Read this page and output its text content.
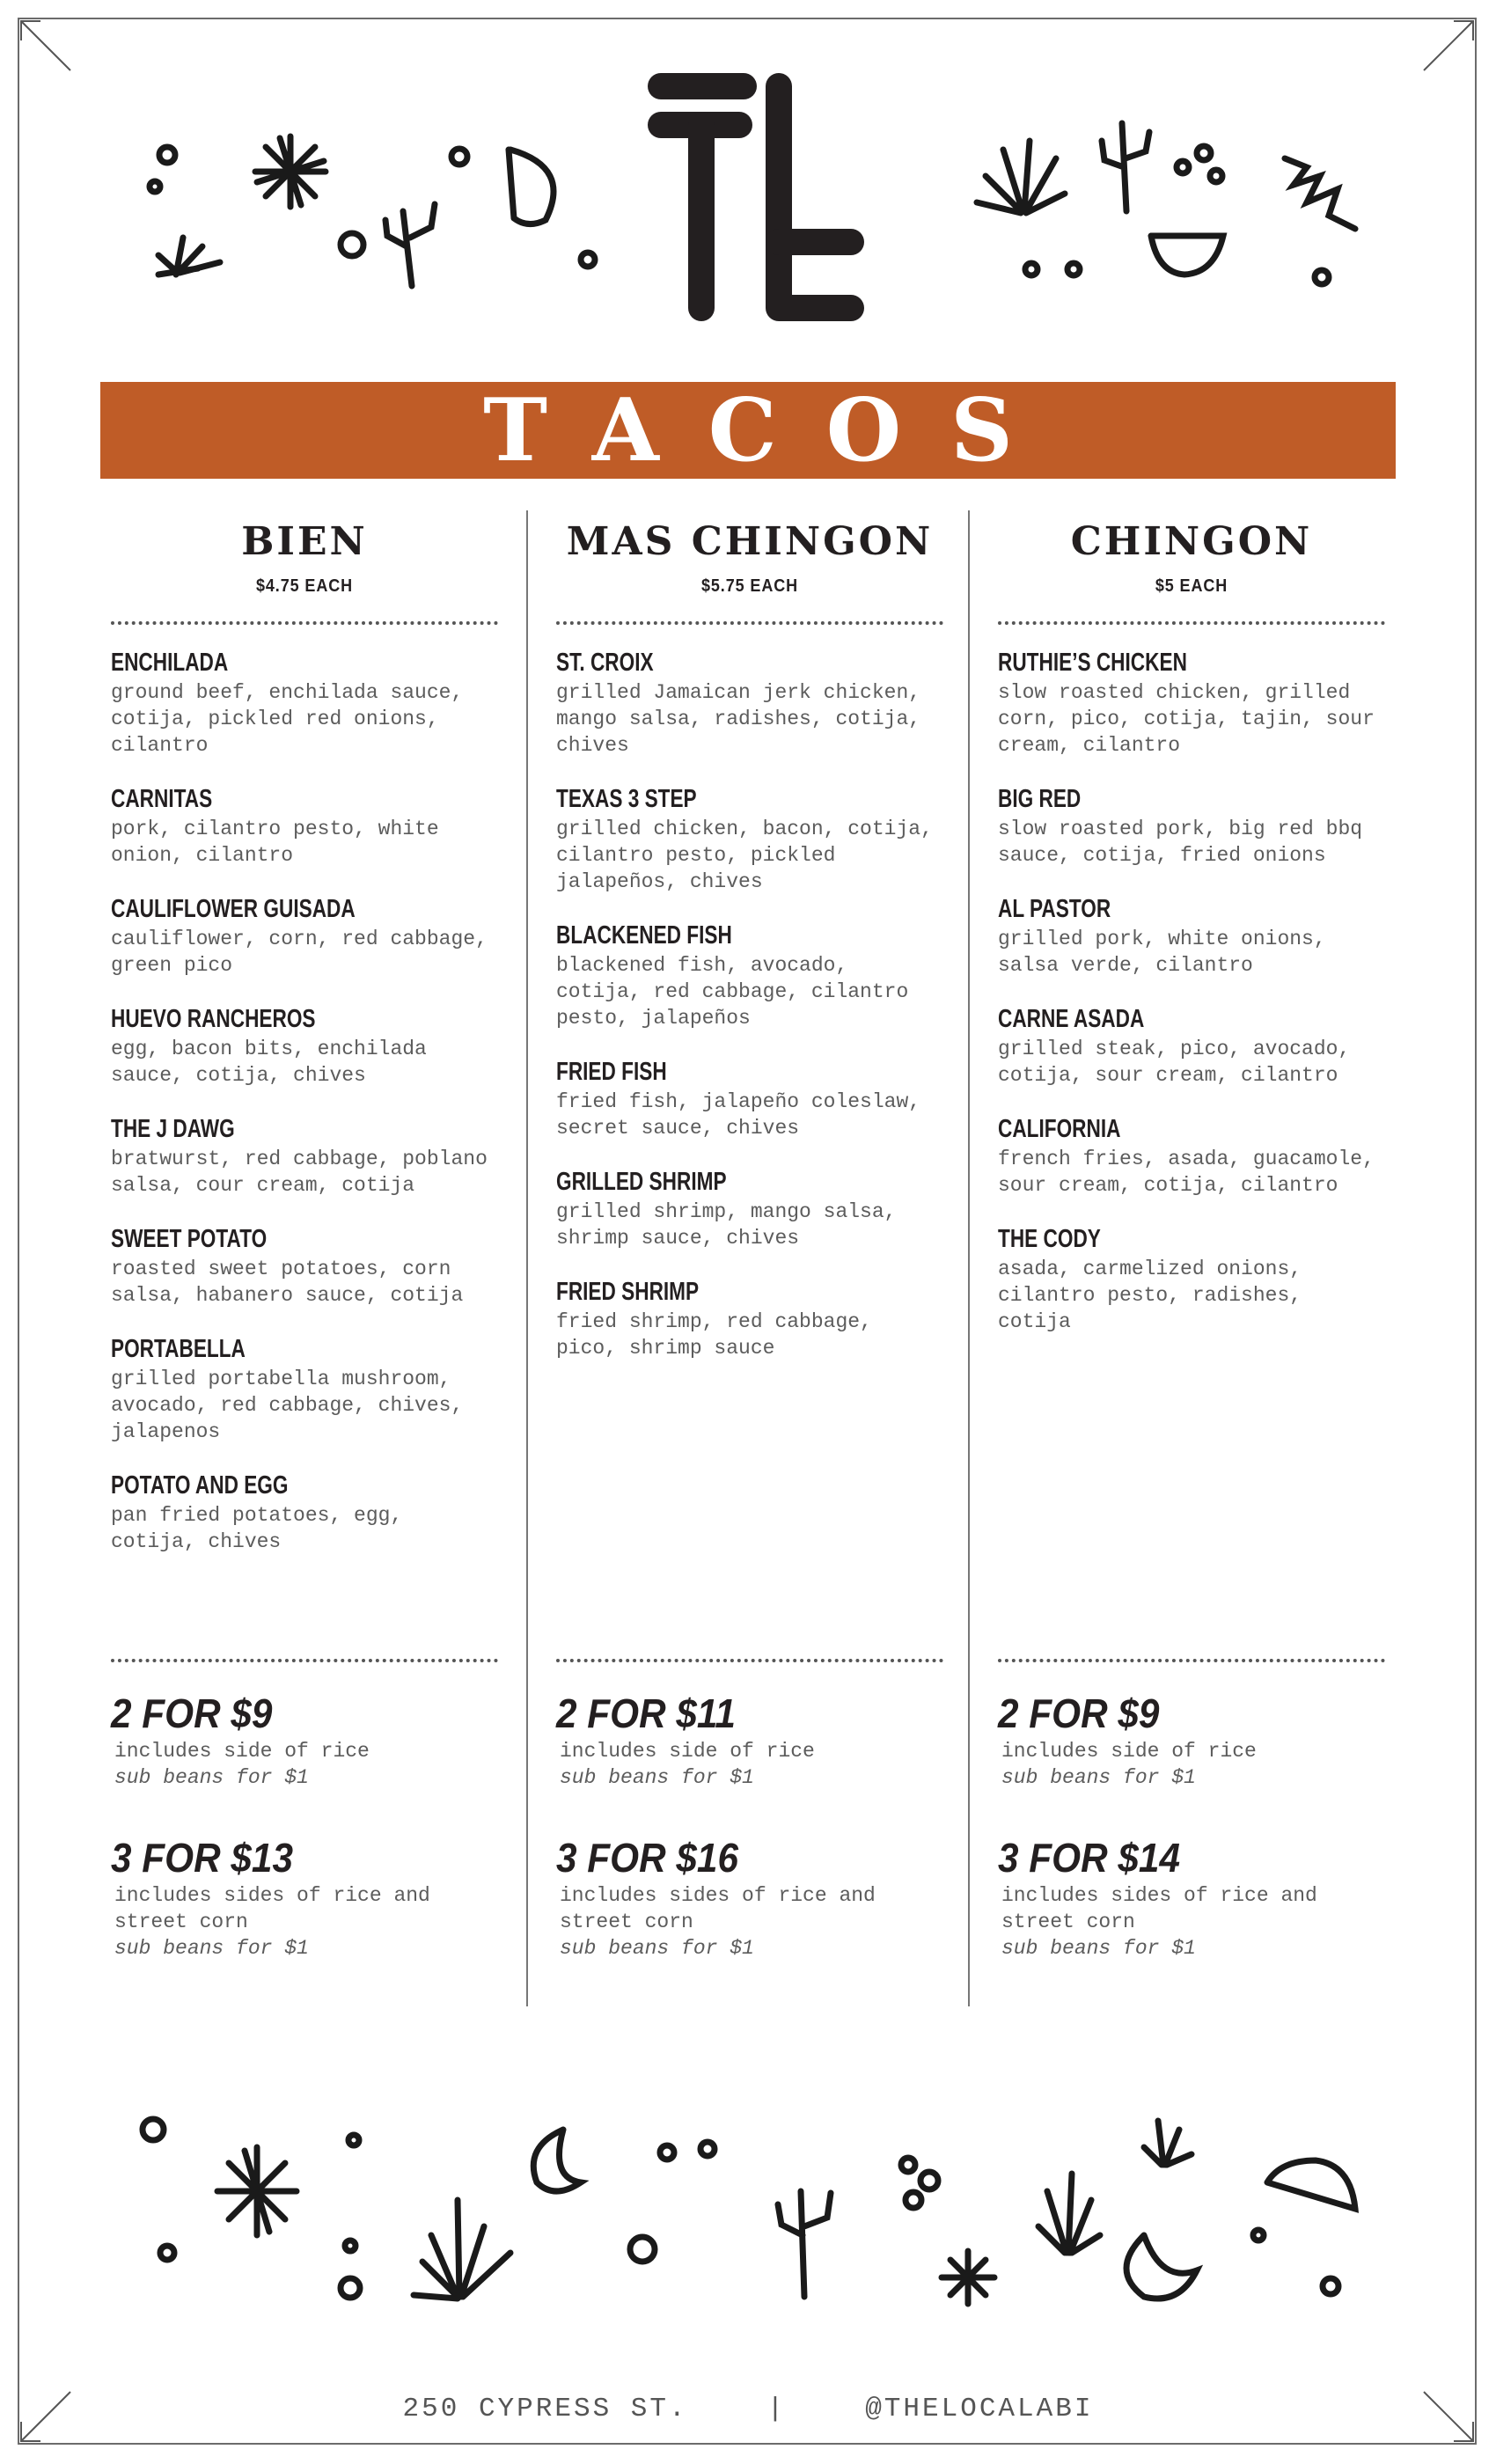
TACOS
BIEN
$4.75 EACH
ENCHILADA
ground beef, enchilada sauce, cotija, pickled red onions, cilantro
CARNITAS
pork, cilantro pesto, white onion, cilantro
CAULIFLOWER GUISADA
cauliflower, corn, red cabbage, green pico
HUEVO RANCHEROS
egg, bacon bits, enchilada sauce, cotija, chives
THE J DAWG
bratwurst, red cabbage, poblano salsa, cour cream, cotija
SWEET POTATO
roasted sweet potatoes, corn salsa, habanero sauce, cotija
PORTABELLA
grilled portabella mushroom, avocado, red cabbage, chives, jalapenos
POTATO AND EGG
pan fried potatoes, egg, cotija, chives
MAS CHINGON
$5.75 EACH
ST. CROIX
grilled Jamaican jerk chicken, mango salsa, radishes, cotija, chives
TEXAS 3 STEP
grilled chicken, bacon, cotija, cilantro pesto, pickled jalapeños, chives
BLACKENED FISH
blackened fish, avocado, cotija, red cabbage, cilantro pesto, jalapeños
FRIED FISH
fried fish, jalapeño coleslaw, secret sauce, chives
GRILLED SHRIMP
grilled shrimp, mango salsa, shrimp sauce, chives
FRIED SHRIMP
fried shrimp, red cabbage, pico, shrimp sauce
CHINGON
$5 EACH
RUTHIE’S CHICKEN
slow roasted chicken, grilled corn, pico, cotija, tajin, sour cream, cilantro
BIG RED
slow roasted pork, big red bbq sauce, cotija, fried onions
AL PASTOR
grilled pork, white onions, salsa verde, cilantro
CARNE ASADA
grilled steak, pico, avocado, cotija, sour cream, cilantro
CALIFORNIA
french fries, asada, guacamole, sour cream, cotija, cilantro
THE CODY
asada, carmelized onions, cilantro pesto, radishes, cotija
2 FOR $9
includes side of rice
sub beans for $1
3 FOR $13
includes sides of rice and
street corn
sub beans for $1
2 FOR $11
includes side of rice
sub beans for $1
3 FOR $16
includes sides of rice and
street corn
sub beans for $1
2 FOR $9
includes side of rice
sub beans for $1
3 FOR $14
includes sides of rice and
street corn
sub beans for $1
250 CYPRESS ST.	|	@THELOCALABI
